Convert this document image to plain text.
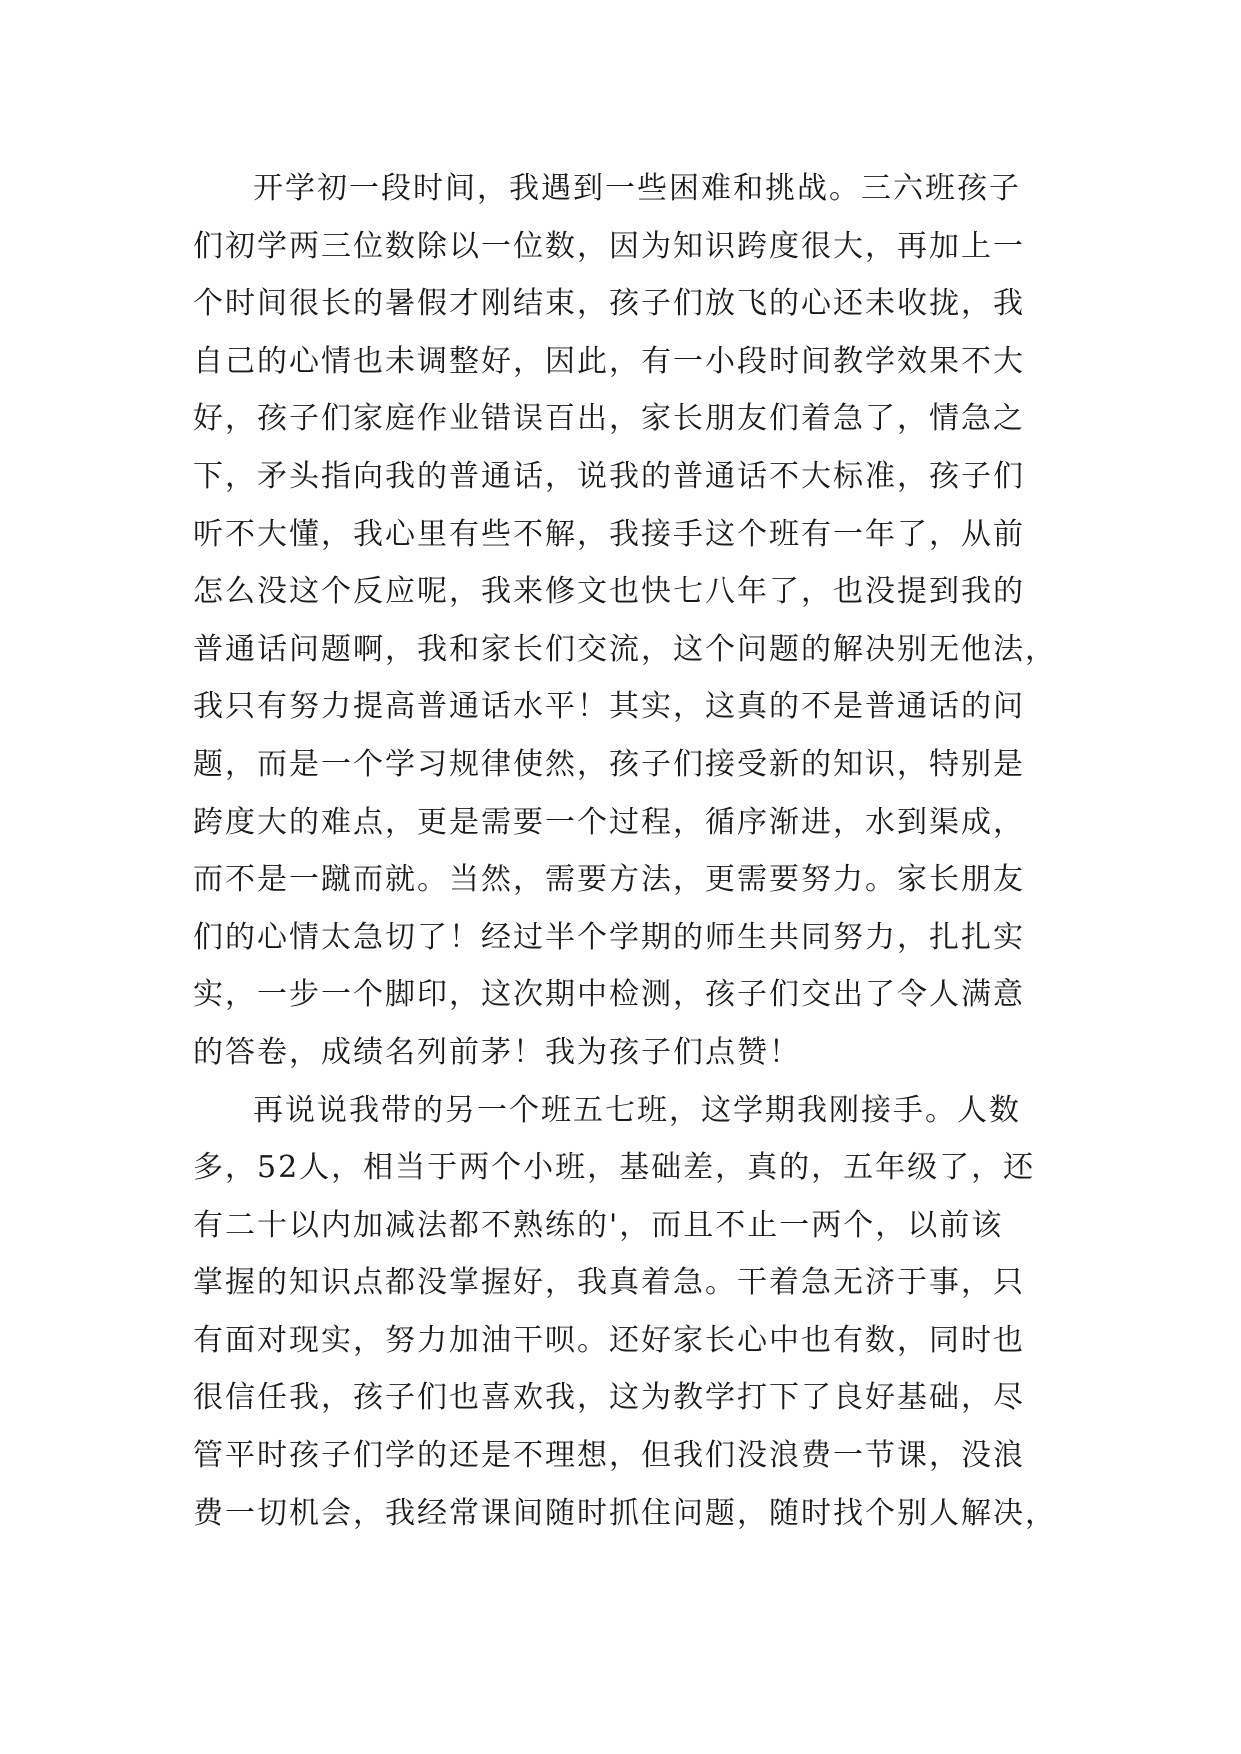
开学初一段时间，我遇到一些困难和挑战。三六班孩子
们初学两三位数除以一位数，因为知识跨度很大，再加上一
个时间很长的暑假才刚结束，孩子们放飞的心还未收拢，我
自己的心情也未调整好，因此，有一小段时间教学效果不大
好，孩子们家庭作业错误百出，家长朋友们着急了，情急之
下，矛头指向我的普通话，说我的普通话不大标准，孩子们
听不大懂，我心里有些不解，我接手这个班有一年了，从前
怎么没这个反应呢，我来修文也快七八年了，也没提到我的
普通话问题啊，我和家长们交流，这个问题的解决别无他法，
我只有努力提高普通话水平！其实，这真的不是普通话的问
题，而是一个学习规律使然，孩子们接受新的知识，特别是
跨度大的难点，更是需要一个过程，循序渐进，水到渠成，
而不是一蹴而就。当然，需要方法，更需要努力。家长朋友
们的心情太急切了！经过半个学期的师生共同努力，扎扎实
实，一步一个脚印，这次期中检测，孩子们交出了令人满意
的答卷，成绩名列前茅！我为孩子们点赞！

再说说我带的另一个班五七班，这学期我刚接手。人数
多，52人，相当于两个小班，基础差，真的，五年级了，还
有二十以内加减法都不熟练的'，而且不止一两个，以前该
掌握的知识点都没掌握好，我真着急。干着急无济于事，只
有面对现实，努力加油干呗。还好家长心中也有数，同时也
很信任我，孩子们也喜欢我，这为教学打下了良好基础，尽
管平时孩子们学的还是不理想，但我们没浪费一节课，没浪
费一切机会，我经常课间随时抓住问题，随时找个别人解决，
